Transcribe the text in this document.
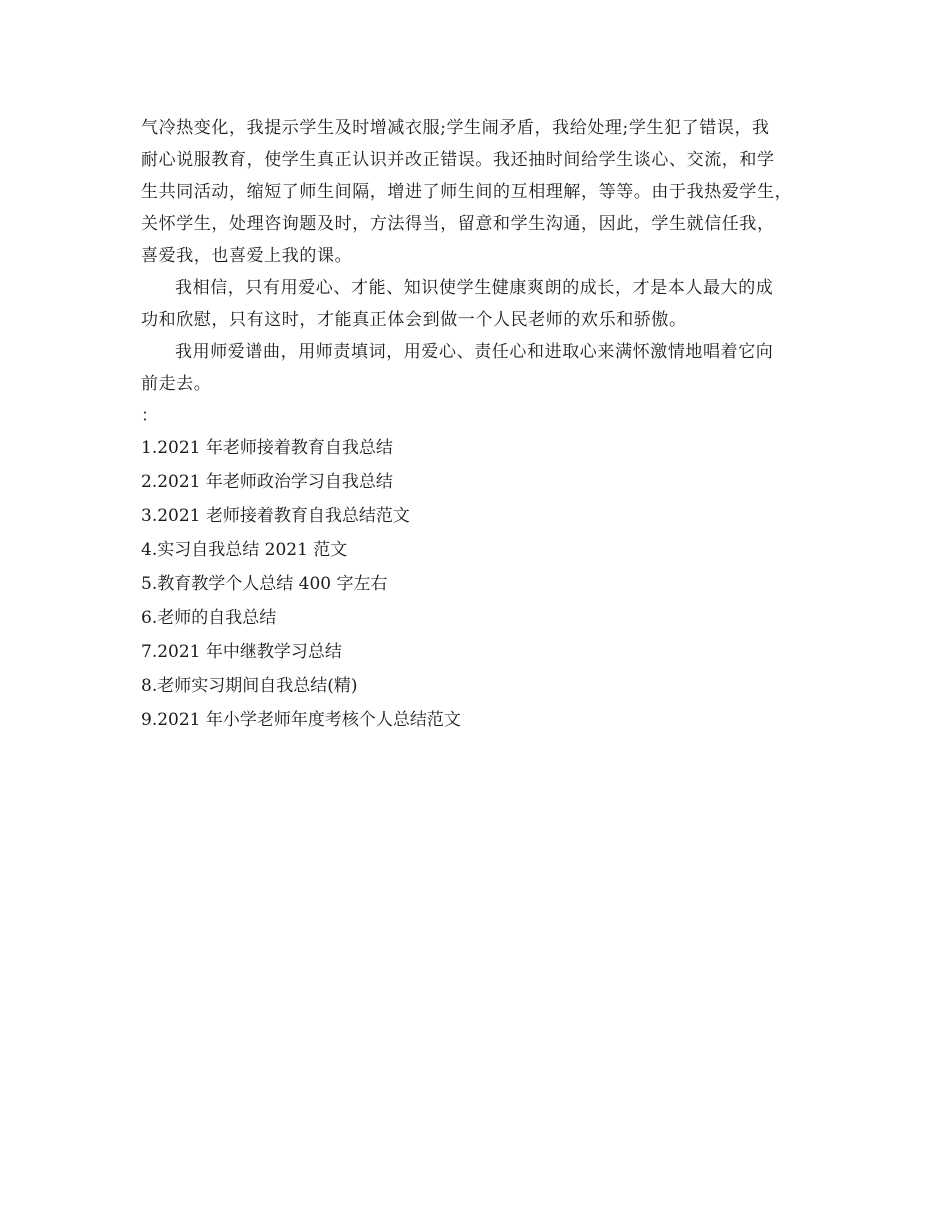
气冷热变化，我提示学生及时增减衣服;学生闹矛盾，我给处理;学生犯了错误，我

耐心说服教育，使学生真正认识并改正错误。我还抽时间给学生谈心、交流，和学

生共同活动，缩短了师生间隔，增进了师生间的互相理解，等等。由于我热爱学生，

关怀学生，处理咨询题及时，方法得当，留意和学生沟通，因此，学生就信任我，

喜爱我，也喜爱上我的课。

我相信，只有用爱心、才能、知识使学生健康爽朗的成长，才是本人最大的成

功和欣慰，只有这时，才能真正体会到做一个人民老师的欢乐和骄傲。

我用师爱谱曲，用师责填词，用爱心、责任心和进取心来满怀激情地唱着它向

前走去。

：

1.2021 年老师接着教育自我总结
2.2021 年老师政治学习自我总结
3.2021 老师接着教育自我总结范文
4.实习自我总结 2021 范文
5.教育教学个人总结 400 字左右
6.老师的自我总结
7.2021 年中继教学习总结
8.老师实习期间自我总结(精)
9.2021 年小学老师年度考核个人总结范文
